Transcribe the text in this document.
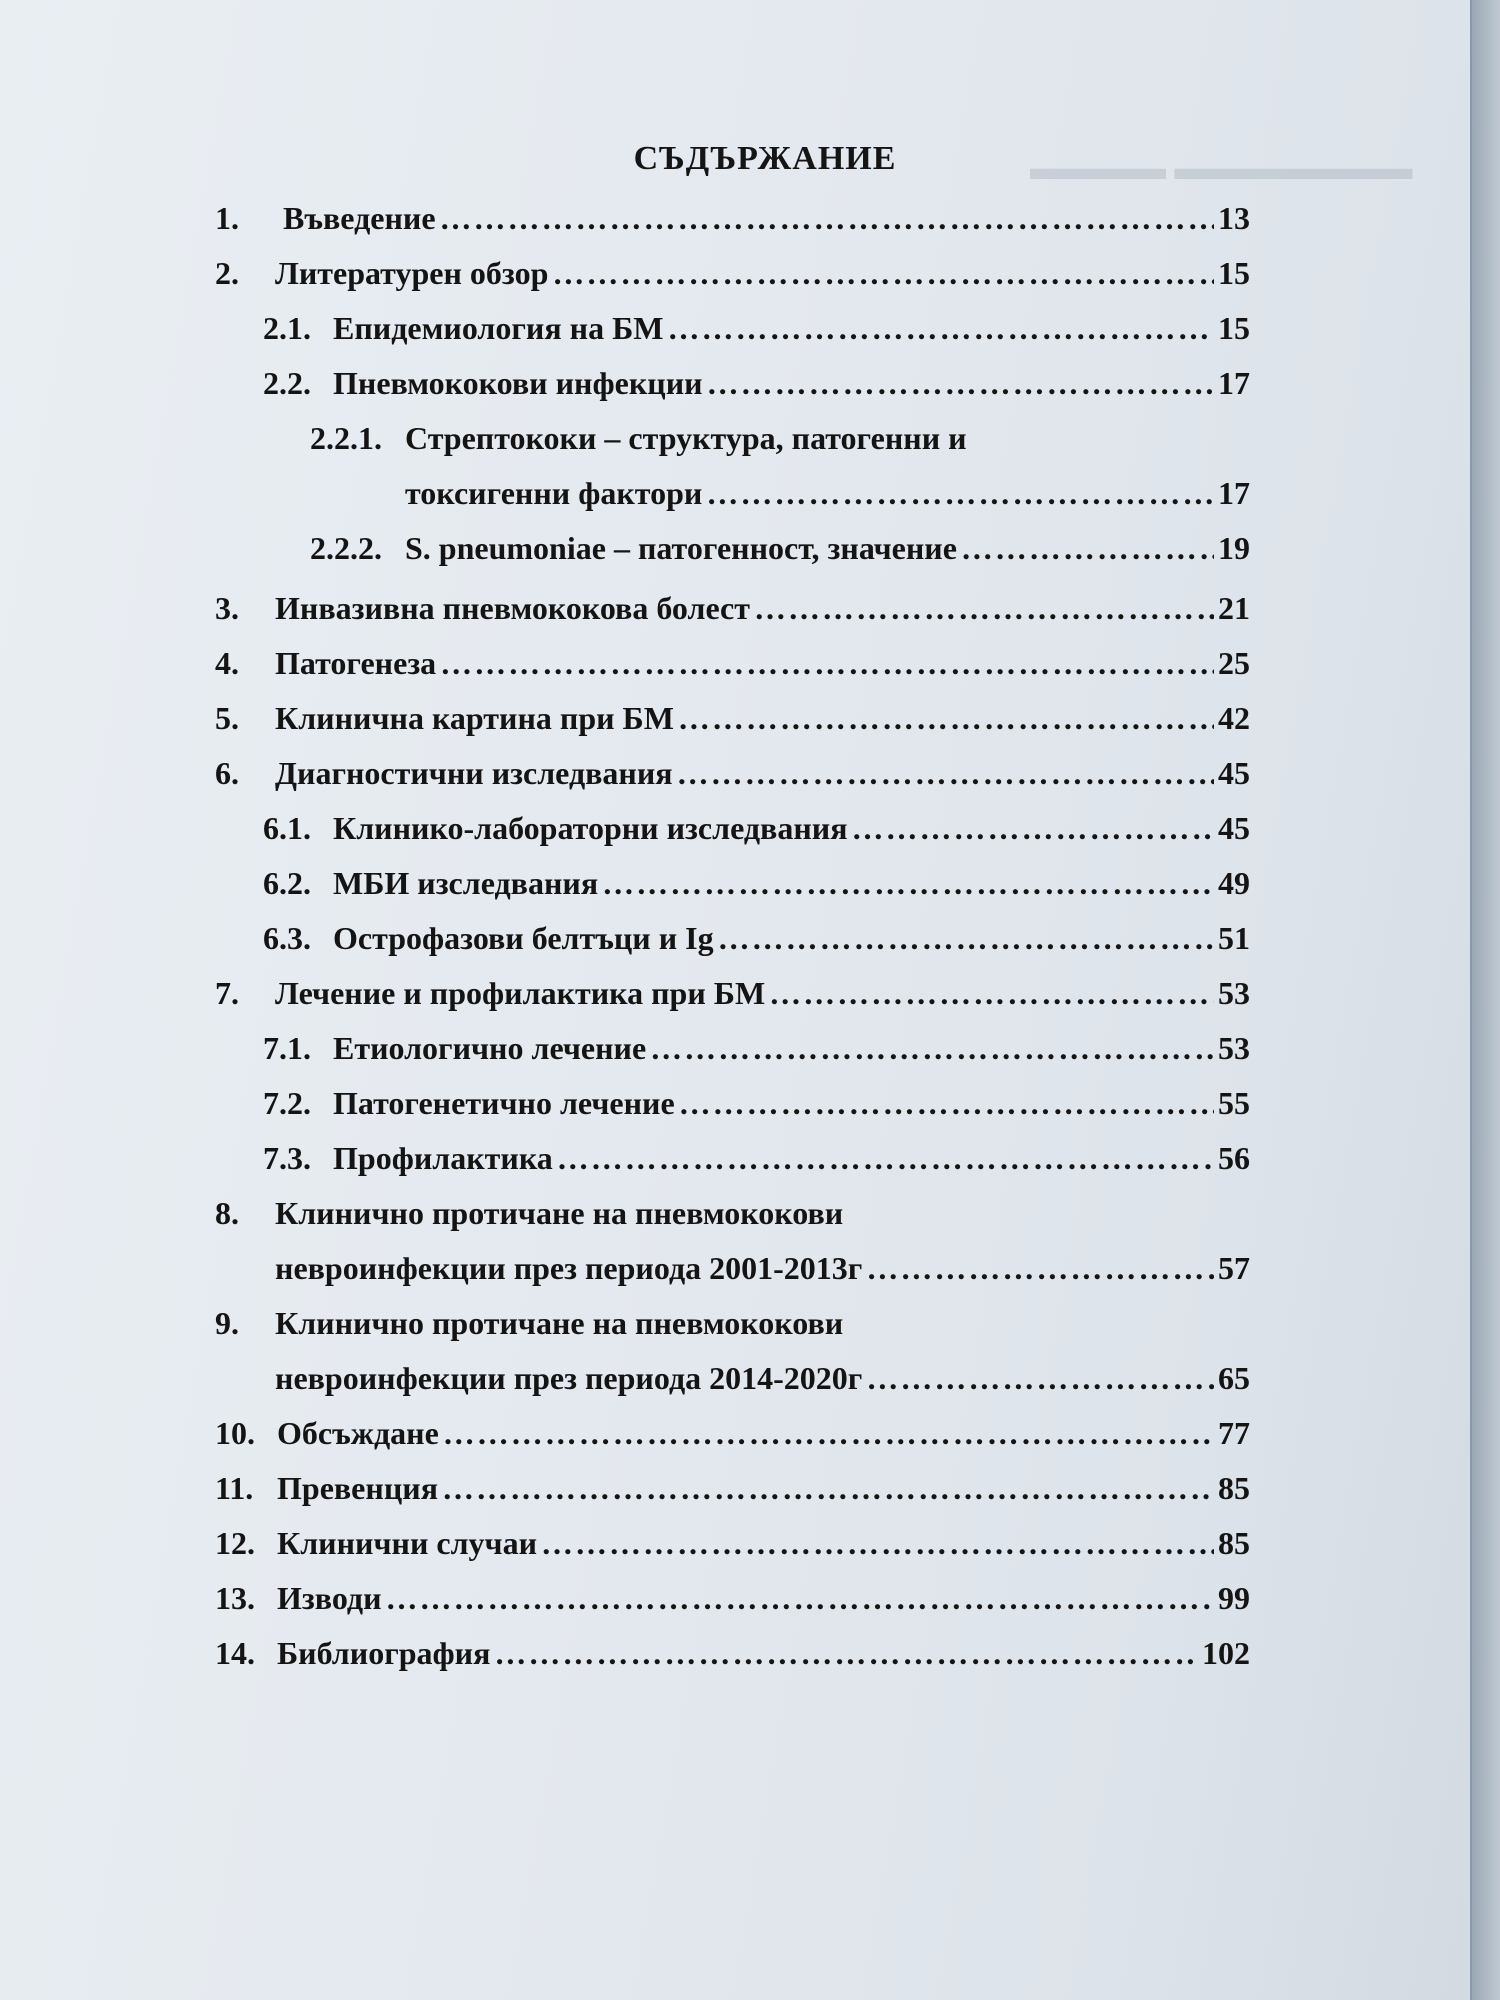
▬▬▬▬ ▬▬▬▬▬▬▬
СЪДЪРЖАНИЕ
1.	Въведение …………………………………………………………………………………………………………………………………	13
2.	Литературен обзор …………………………………………………………………………………………………………………………………	15
2.1. Епидемиология на БМ …………………………………………………………………………………………………………………………………	15
2.2. Пневмококови инфекции …………………………………………………………………………………………………………………………………	17
2.2.1. Стрептококи – структура, патогенни и
токсигенни фактори …………………………………………………………………………………………………………………………………	17
2.2.2. S. pneumoniae – патогенност, значение …………………………………………………………………………………………………………………………………	19
3.	Инвазивна пневмококова болест …………………………………………………………………………………………………………………………………	21
4.	Патогенеза …………………………………………………………………………………………………………………………………	25
5.	Клинична картина при БМ …………………………………………………………………………………………………………………………………	42
6.	Диагностични изследвания …………………………………………………………………………………………………………………………………	45
6.1. Клинико-лабораторни изследвания …………………………………………………………………………………………………………………………………	45
6.2. МБИ изследвания …………………………………………………………………………………………………………………………………	49
6.3. Острофазови белтъци и Ig …………………………………………………………………………………………………………………………………	51
7.	Лечение и профилактика при БМ …………………………………………………………………………………………………………………………………	53
7.1. Етиологично лечение …………………………………………………………………………………………………………………………………	53
7.2. Патогенетично лечение …………………………………………………………………………………………………………………………………	55
7.3. Профилактика …………………………………………………………………………………………………………………………………	56
8.	Клинично протичане на пневмококови
невроинфекции през периода 2001-2013г …………………………………………………………………………………………………………………………………	57
9.	Клинично протичане на пневмококови
невроинфекции през периода 2014-2020г …………………………………………………………………………………………………………………………………	65
10. Обсъждане …………………………………………………………………………………………………………………………………	77
11. Превенция …………………………………………………………………………………………………………………………………	85
12. Клинични случаи …………………………………………………………………………………………………………………………………	85
13. Изводи …………………………………………………………………………………………………………………………………	99
14. Библиография …………………………………………………………………………………………………………………………………	102
